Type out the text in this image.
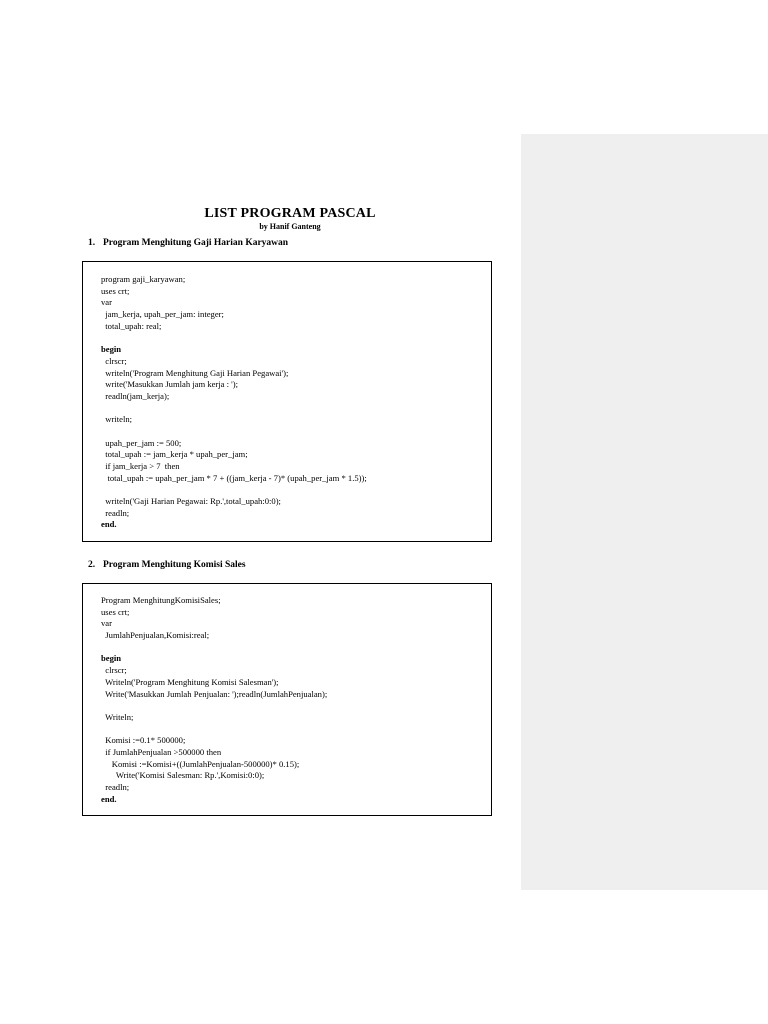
LIST PROGRAM PASCAL
by Hanif Ganteng
1. Program Menghitung Gaji Harian Karyawan
program gaji_karyawan;
uses crt;
var
jam_kerja, upah_per_jam: integer;
total_upah: real;

begin
clrscr;
writeln('Program Menghitung Gaji Harian Pegawai');
write('Masukkan Jumlah jam kerja : ');
readln(jam_kerja);

writeln;

upah_per_jam := 500;
total_upah := jam_kerja * upah_per_jam;
if jam_kerja > 7  then
total_upah := upah_per_jam * 7 + ((jam_kerja - 7)* (upah_per_jam * 1.5));

writeln('Gaji Harian Pegawai: Rp.',total_upah:0:0);
readln;
end.
2. Program Menghitung Komisi Sales
Program MenghitungKomisiSales;
uses crt;
var
JumlahPenjualan,Komisi:real;

begin
clrscr;
Writeln('Program Menghitung Komisi Salesman');
Write('Masukkan Jumlah Penjualan: ');readln(JumlahPenjualan);

Writeln;

Komisi :=0.1* 500000;
if JumlahPenjualan >500000 then
Komisi :=Komisi+((JumlahPenjualan-500000)* 0.15);
Write('Komisi Salesman: Rp.',Komisi:0:0);
readln;
end.
